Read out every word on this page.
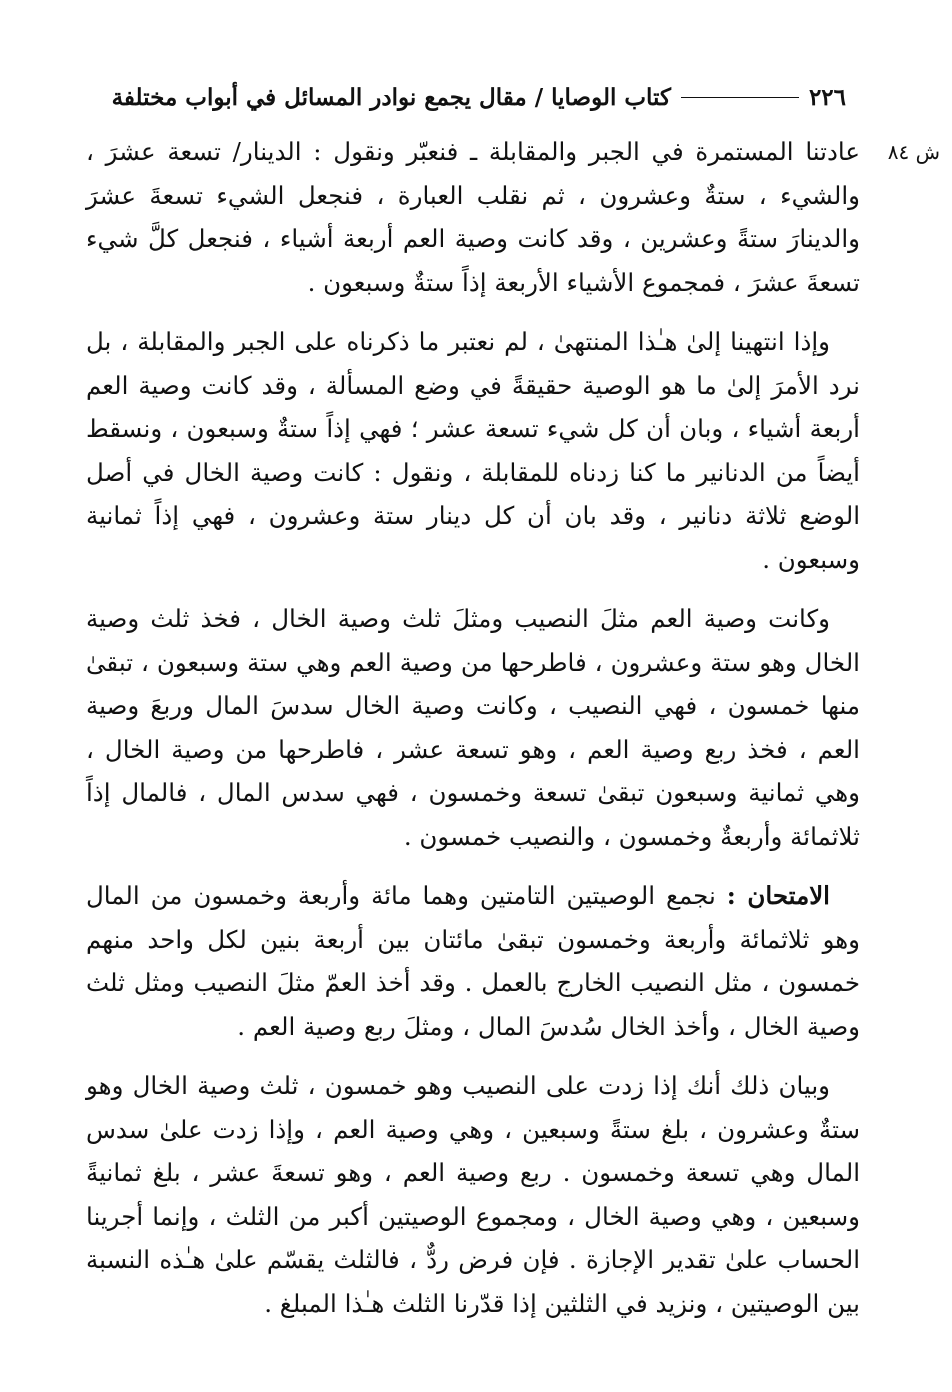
٢٢٦
كتاب الوصايا / مقال يجمع نوادر المسائل في أبواب مختلفة
ش ٨٤

عادتنا المستمرة في الجبر والمقابلة ـ فنعبّر ونقول : الدينار/ تسعة عشرَ ، والشيء ، ستةٌ وعشرون ، ثم نقلب العبارة ، فنجعل الشيء تسعةَ عشرَ والدينارَ ستةً وعشرين ، وقد كانت وصية العم أربعة أشياء ، فنجعل كلَّ شيء تسعةَ عشرَ ، فمجموع الأشياء الأربعة إذاً ستةٌ وسبعون .

وإذا انتهينا إلىٰ هـٰذا المنتهىٰ ، لم نعتبر ما ذكرناه على الجبر والمقابلة ، بل نرد الأمرَ إلىٰ ما هو الوصية حقيقةً في وضع المسألة ، وقد كانت وصية العم أربعة أشياء ، وبان أن كل شيء تسعة عشر ؛ فهي إذاً ستةٌ وسبعون ، ونسقط أيضاً من الدنانير ما كنا زدناه للمقابلة ، ونقول : كانت وصية الخال في أصل الوضع ثلاثة دنانير ، وقد بان أن كل دينار ستة وعشرون ، فهي إذاً ثمانية وسبعون .

وكانت وصية العم مثلَ النصيب ومثلَ ثلث وصية الخال ، فخذ ثلث وصية الخال وهو ستة وعشرون ، فاطرحها من وصية العم وهي ستة وسبعون ، تبقىٰ منها خمسون ، فهي النصيب ، وكانت وصية الخال سدسَ المال وربعَ وصية العم ، فخذ ربع وصية العم ، وهو تسعة عشر ، فاطرحها من وصية الخال ، وهي ثمانية وسبعون تبقىٰ تسعة وخمسون ، فهي سدس المال ، فالمال إذاً ثلاثمائة وأربعةٌ وخمسون ، والنصيب خمسون .

الامتحان : نجمع الوصيتين التامتين وهما مائة وأربعة وخمسون من المال وهو ثلاثمائة وأربعة وخمسون تبقىٰ مائتان بين أربعة بنين لكل واحد منهم خمسون ، مثل النصيب الخارج بالعمل . وقد أخذ العمّ مثلَ النصيب ومثل ثلث وصية الخال ، وأخذ الخال سُدسَ المال ، ومثلَ ربع وصية العم .

وبيان ذلك أنك إذا زدت على النصيب وهو خمسون ، ثلث وصية الخال وهو ستةٌ وعشرون ، بلغ ستةً وسبعين ، وهي وصية العم ، وإذا زدت علىٰ سدس المال وهي تسعة وخمسون . ربع وصية العم ، وهو تسعةَ عشر ، بلغ ثمانيةً وسبعين ، وهي وصية الخال ، ومجموع الوصيتين أكبر من الثلث ، وإنما أجرينا الحساب علىٰ تقدير الإجازة . فإن فرض ردٌّ ، فالثلث يقسّم علىٰ هـٰذه النسبة بين الوصيتين ، ونزيد في الثلثين إذا قدّرنا الثلث هـٰذا المبلغ .
